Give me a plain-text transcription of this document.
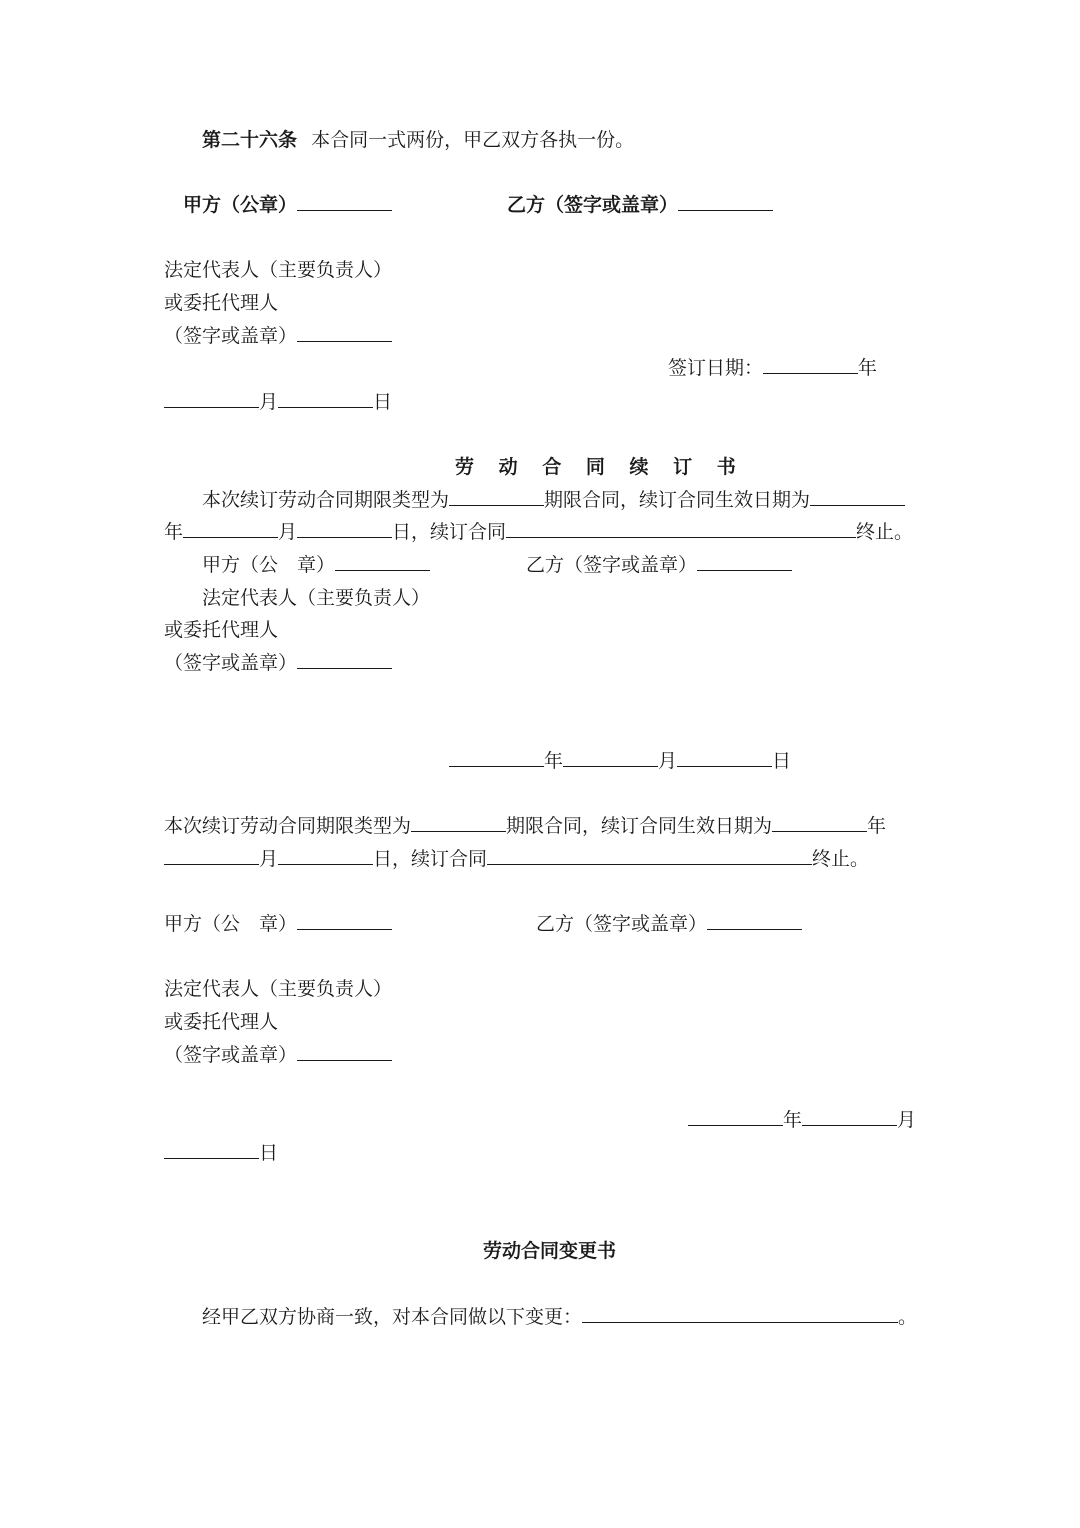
第二十六条 本合同一式两份，甲乙双方各执一份。
甲方（公章）	乙方（签字或盖章）
法定代表人（主要负责人）
或委托代理人
（签字或盖章）
签订日期：	年
月	日
劳 动 合 同 续 订 书
本次续订劳动合同期限类型为	期限合同，续订合同生效日期为
年	月	日，续订合同	终止。
甲方（公　章）	乙方（签字或盖章）
法定代表人（主要负责人）
或委托代理人
（签字或盖章）
年	月	日
本次续订劳动合同期限类型为	期限合同，续订合同生效日期为	年
月	日，续订合同	终止。
甲方（公　章）	乙方（签字或盖章）
法定代表人（主要负责人）
或委托代理人
（签字或盖章）
年	月
日
劳动合同变更书
经甲乙双方协商一致，对本合同做以下变更：	。
